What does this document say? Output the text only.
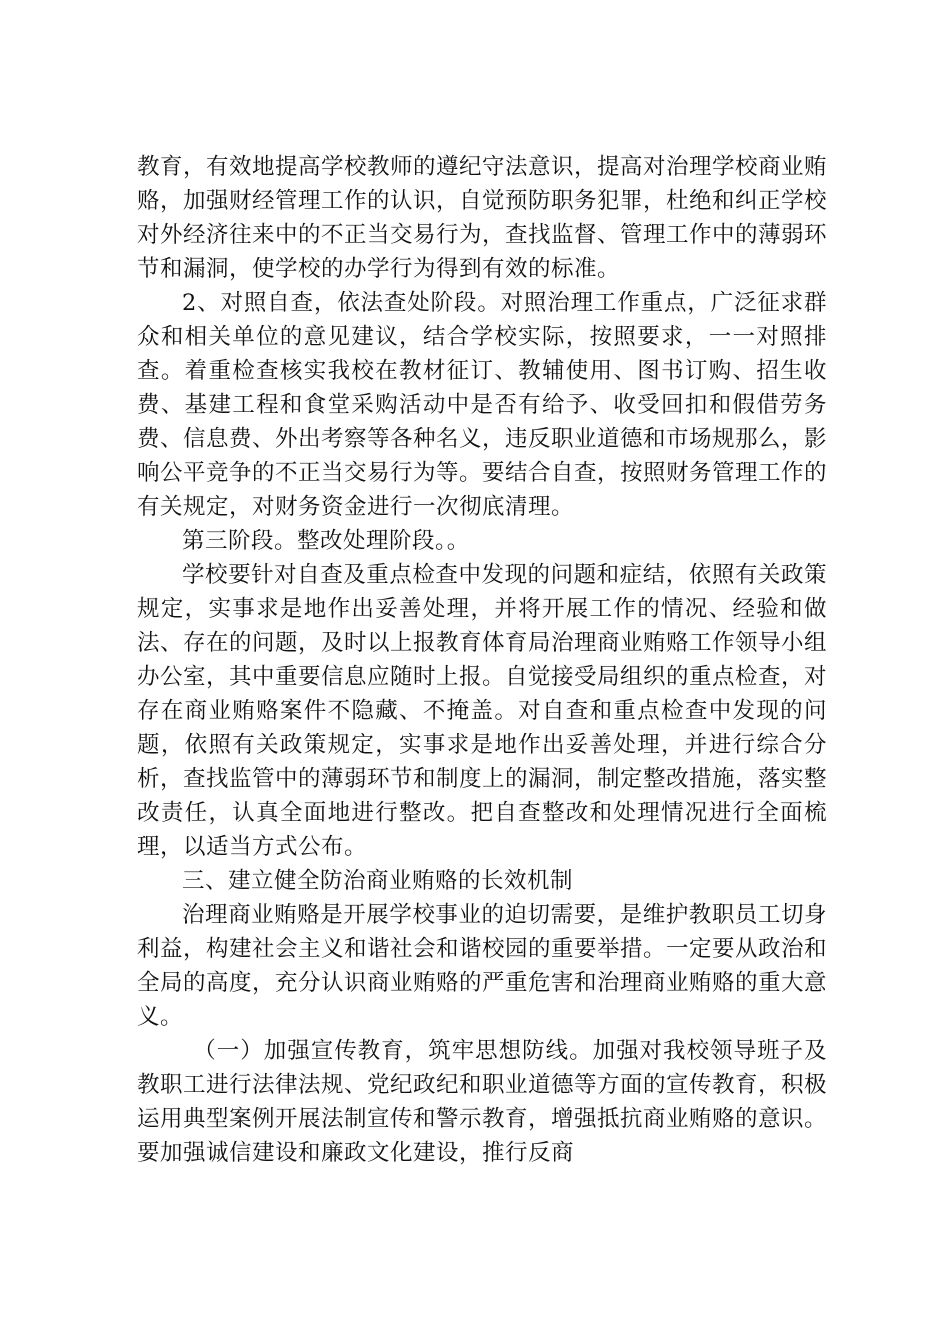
教育，有效地提高学校教师的遵纪守法意识，提高对治理学校商业贿赂，加强财经管理工作的认识，自觉预防职务犯罪，杜绝和纠正学校对外经济往来中的不正当交易行为，查找监督、管理工作中的薄弱环节和漏洞，使学校的办学行为得到有效的标准。

2、对照自查，依法查处阶段。对照治理工作重点，广泛征求群众和相关单位的意见建议，结合学校实际，按照要求，一一对照排查。着重检查核实我校在教材征订、教辅使用、图书订购、招生收费、基建工程和食堂采购活动中是否有给予、收受回扣和假借劳务费、信息费、外出考察等各种名义，违反职业道德和市场规那么，影响公平竞争的不正当交易行为等。要结合自查，按照财务管理工作的有关规定，对财务资金进行一次彻底清理。

第三阶段。整改处理阶段。。

学校要针对自查及重点检查中发现的问题和症结，依照有关政策规定，实事求是地作出妥善处理，并将开展工作的情况、经验和做法、存在的问题，及时以上报教育体育局治理商业贿赂工作领导小组办公室，其中重要信息应随时上报。自觉接受局组织的重点检查，对存在商业贿赂案件不隐藏、不掩盖。对自查和重点检查中发现的问题，依照有关政策规定，实事求是地作出妥善处理，并进行综合分析，查找监管中的薄弱环节和制度上的漏洞，制定整改措施，落实整改责任，认真全面地进行整改。把自查整改和处理情况进行全面梳理，以适当方式公布。

三、建立健全防治商业贿赂的长效机制

治理商业贿赂是开展学校事业的迫切需要，是维护教职员工切身利益，构建社会主义和谐社会和谐校园的重要举措。一定要从政治和全局的高度，充分认识商业贿赂的严重危害和治理商业贿赂的重大意义。

（一）加强宣传教育，筑牢思想防线。加强对我校领导班子及教职工进行法律法规、党纪政纪和职业道德等方面的宣传教育，积极运用典型案例开展法制宣传和警示教育，增强抵抗商业贿赂的意识。要加强诚信建设和廉政文化建设，推行反商
